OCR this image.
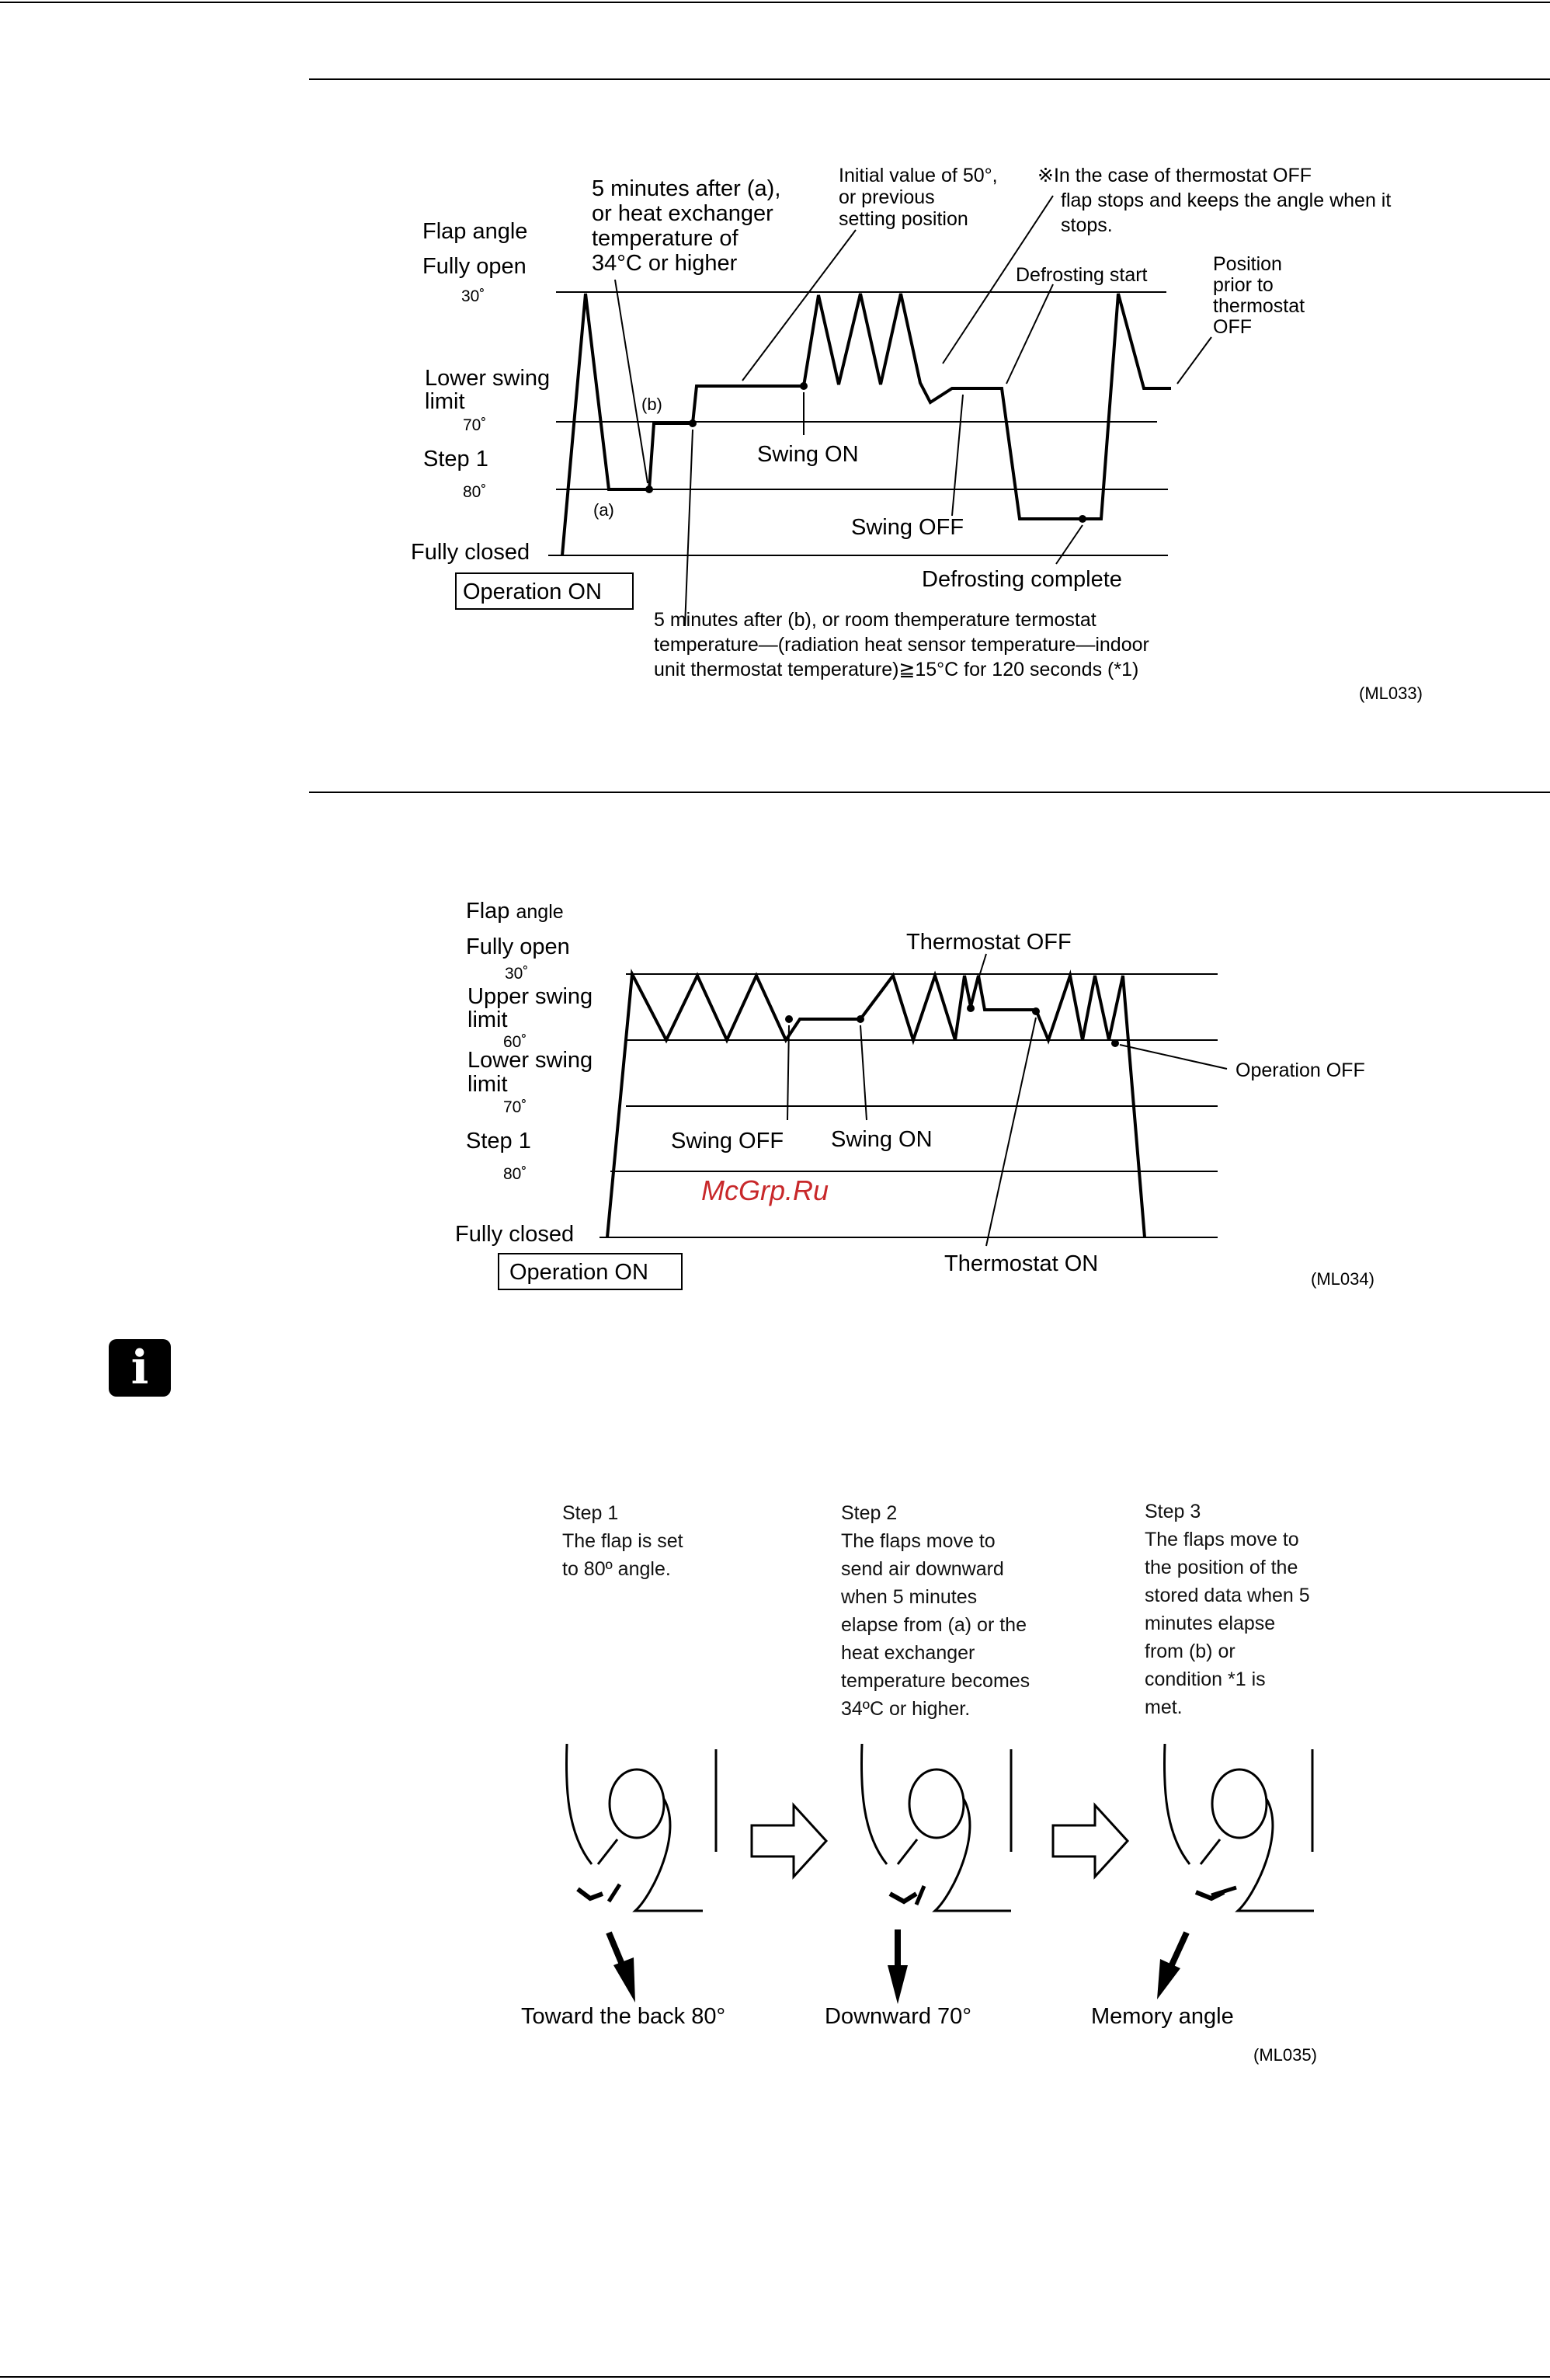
Flap angle
Fully open
30˚
Lower swing
limit
70˚
Step 1
80˚
Fully closed
Operation ON
(a)
(b)
5 minutes after (a), or heat exchanger temperature of 34°C or higher
Initial value of 50°, or previous setting position
※In the case of thermostat OFF flap stops and keeps the angle when it stops.
Defrosting start	Position prior to thermostat OFF
Swing ON
Swing OFF
Defrosting complete
5 minutes after (b), or room themperature termostat temperature—(radiation heat sensor temperature—indoor unit thermostat temperature)≧15°C for 120 seconds (*1)
(ML033)
Flap angle
Fully open
30˚
Upper swing
limit
60˚
Lower swing
limit
70˚
Step 1
80˚
Fully closed
Operation ON
Thermostat OFF
Operation OFF
Swing OFF Swing ON
McGrp.Ru
Thermostat ON
(ML034)
Toward the back 80°	Downward 70°	Memory angle
(ML035)
i
Step 1
The flap is set
to 80º angle.
Step 2
The flaps move to
send air downward
when 5 minutes
elapse from (a) or the
heat exchanger
temperature becomes
34ºC or higher.
Step 3
The flaps move to
the position of the
stored data when 5
minutes elapse
from (b) or
condition *1 is
met.
